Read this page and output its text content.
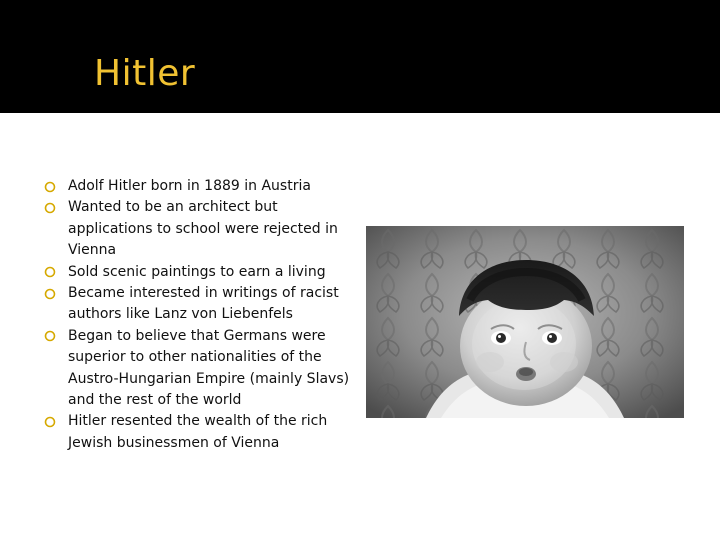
Hitler
Adolf Hitler born in 1889 in Austria
Wanted to be an architect but applications to school were rejected in Vienna
Sold scenic paintings to earn a living
Became interested in writings of racist authors like Lanz von Liebenfels
Began to believe that Germans were superior to other nationalities of the Austro-Hungarian Empire (mainly Slavs) and the rest of the world
Hitler resented the wealth of the rich Jewish businessmen of Vienna
